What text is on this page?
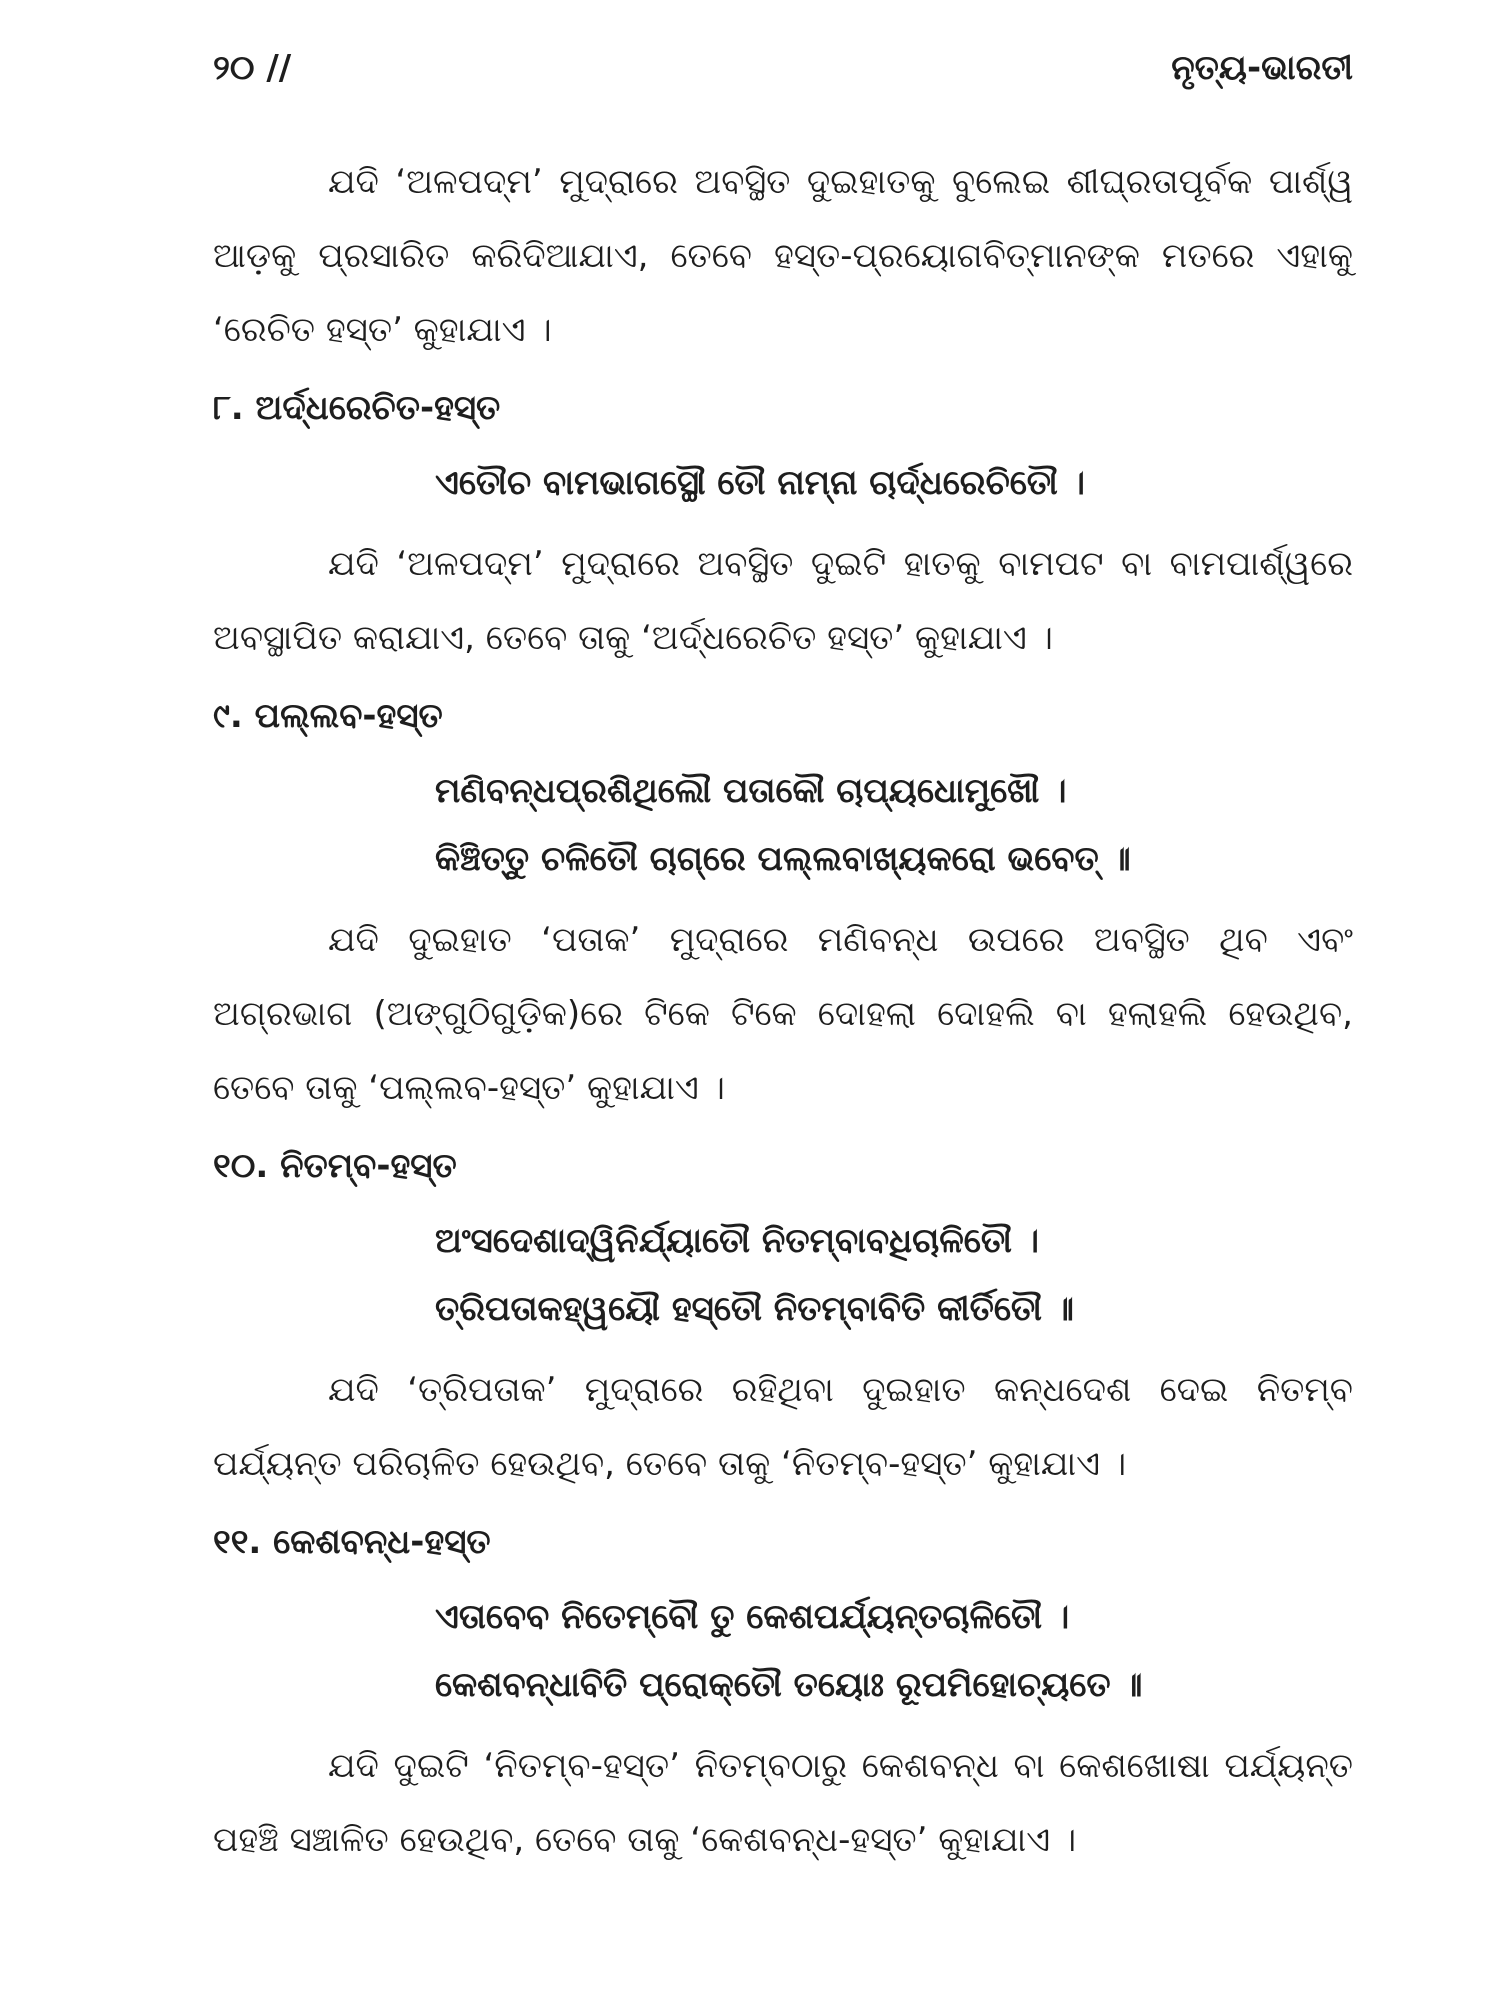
୨୦ //	ନୃତ୍ୟ-ଭାରତୀ

ଯଦି ‘ଅଳପଦ୍ମ’ ମୁଦ୍ରାରେ ଅବସ୍ଥିତ ଦୁଇହାତକୁ ବୁଲେଇ ଶୀଘ୍ରତାପୂର୍ବକ ପାର୍ଶ୍ୱ ଆଡ଼କୁ ପ୍ରସାରିତ କରିଦିଆଯାଏ, ତେବେ ହସ୍ତ-ପ୍ରୟୋଗବିତ୍‌ମାନଙ୍କ ମତରେ ଏହାକୁ ‘ରେଚିତ ହସ୍ତ’ କୁହାଯାଏ ।

୮. ଅର୍ଦ୍ଧରେଚିତ-ହସ୍ତ
ଏତୌଚ ବାମଭାଗସ୍ଥୌ ତୌ ନାମ୍ନା ଚାର୍ଦ୍ଧରେଚିତୌ ।

ଯଦି ‘ଅଳପଦ୍ମ’ ମୁଦ୍ରାରେ ଅବସ୍ଥିତ ଦୁଇଟି ହାତକୁ ବାମପଟ ବା ବାମପାର୍ଶ୍ୱରେ ଅବସ୍ଥାପିତ କରାଯାଏ, ତେବେ ତାକୁ ‘ଅର୍ଦ୍ଧରେଚିତ ହସ୍ତ’ କୁହାଯାଏ ।

୯. ପଲ୍ଲବ-ହସ୍ତ
ମଣିବନ୍ଧପ୍ରଶିଥିଲୌ ପତାକୌ ଚାପ୍ୟଧୋମୁଖୌ ।
କିଞ୍ଚିତ୍ତୁ ଚଳିତୌ ଚାଗ୍ରେ ପଲ୍ଲବାଖ୍ୟକରୋ ଭବେତ୍ ॥

ଯଦି ଦୁଇହାତ ‘ପତାକ’ ମୁଦ୍ରାରେ ମଣିବନ୍ଧ ଉପରେ ଅବସ୍ଥିତ ଥିବ ଏବଂ ଅଗ୍ରଭାଗ (ଅଙ୍ଗୁଠିଗୁଡ଼ିକ)ରେ ଟିକେ ଟିକେ ଦୋହଲା ଦୋହଲି ବା ହଲାହଲି ହେଉଥିବ, ତେବେ ତାକୁ ‘ପଲ୍ଲବ-ହସ୍ତ’ କୁହାଯାଏ ।

୧୦. ନିତମ୍ବ-ହସ୍ତ
ଅଂସଦେଶାଦ୍ୱିନିର୍ଯ୍ୟାତୌ ନିତମ୍ବାବଧିଚାଳିତୌ ।
ତ୍ରିପତାକହ୍ୱୟୌ ହସ୍ତୌ ନିତମ୍ବାବିତି କୀର୍ତିତୌ ॥

ଯଦି ‘ତ୍ରିପତାକ’ ମୁଦ୍ରାରେ ରହିଥିବା ଦୁଇହାତ କନ୍ଧଦେଶ ଦେଇ ନିତମ୍ବ ପର୍ଯ୍ୟନ୍ତ ପରିଚାଳିତ ହେଉଥିବ, ତେବେ ତାକୁ ‘ନିତମ୍ବ-ହସ୍ତ’ କୁହାଯାଏ ।

୧୧. କେଶବନ୍ଧ-ହସ୍ତ
ଏତାବେବ ନିତେମ୍ବୌ ତୁ କେଶପର୍ଯ୍ୟନ୍ତଚାଳିତୌ ।
କେଶବନ୍ଧାବିତି ପ୍ରୋକ୍ତୌ ତୟୋଃ ରୂପମିହୋଚ୍ୟତେ ॥

ଯଦି ଦୁଇଟି ‘ନିତମ୍ବ-ହସ୍ତ’ ନିତମ୍ବଠାରୁ କେଶବନ୍ଧ ବା କେଶଖୋଷା ପର୍ଯ୍ୟନ୍ତ ପହଞ୍ଚି ସଞ୍ଚାଳିତ ହେଉଥିବ, ତେବେ ତାକୁ ‘କେଶବନ୍ଧ-ହସ୍ତ’ କୁହାଯାଏ ।
